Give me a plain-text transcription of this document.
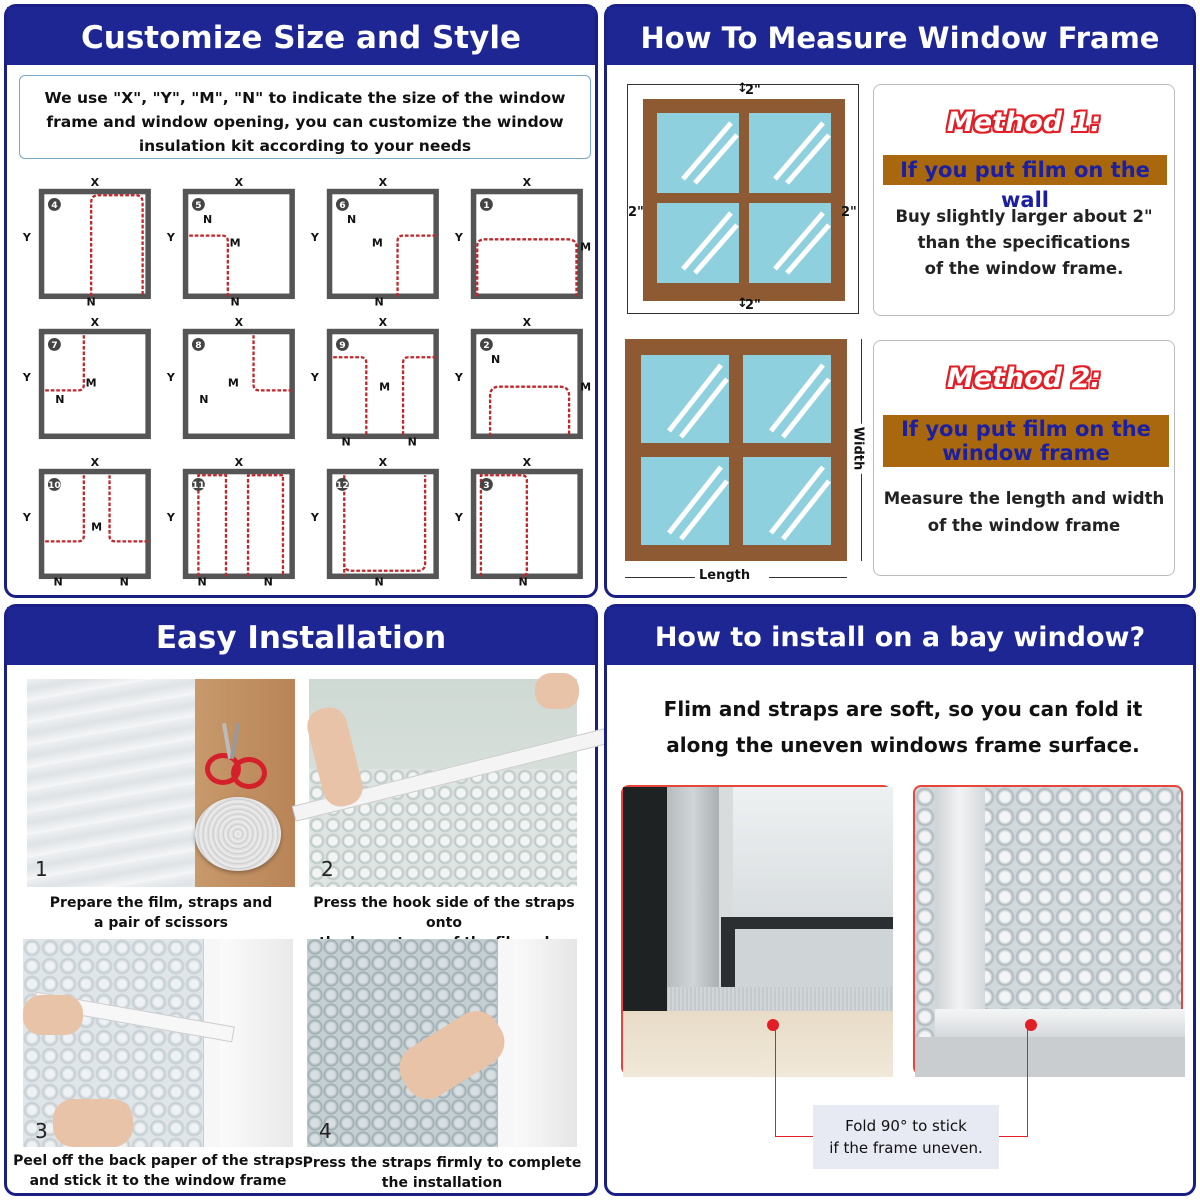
Customize Size and Style
We use "X", "Y", "M", "N" to indicate the size of the window frame and window opening, you can customize the window insulation kit according to your needs
4
X
Y
N
5
X
Y
N
M
N
6
X
Y
N
M
N
1
X
Y
M
7
X
Y
N
M
8
X
Y
N
M
9
X
Y
M
N	N
2
X
Y
N
M
10
X
Y
M
N	N
11
X
Y
N	N
12
X
Y
N
3
X
Y
N
How To Measure Window Frame
2"
↕
2"	2"
2"
↕
Method 1:
If you put film on the wall
Buy slightly larger about 2"
than the specifications
of the window frame.
Length
Width
Method 2:
If you put film on the
window frame
Measure the length and width
of the window frame
Easy Installation
1
Prepare the film, straps and
a pair of scissors
2
Press the hook side of the straps onto
3
Peel off the back paper of the straps
and stick it to the window frame
4
Press the straps firmly to complete
the installation
How to install on a bay window?
Flim and straps are soft, so you can fold it
along the uneven windows frame surface.
Fold 90° to stick
if the frame uneven.
